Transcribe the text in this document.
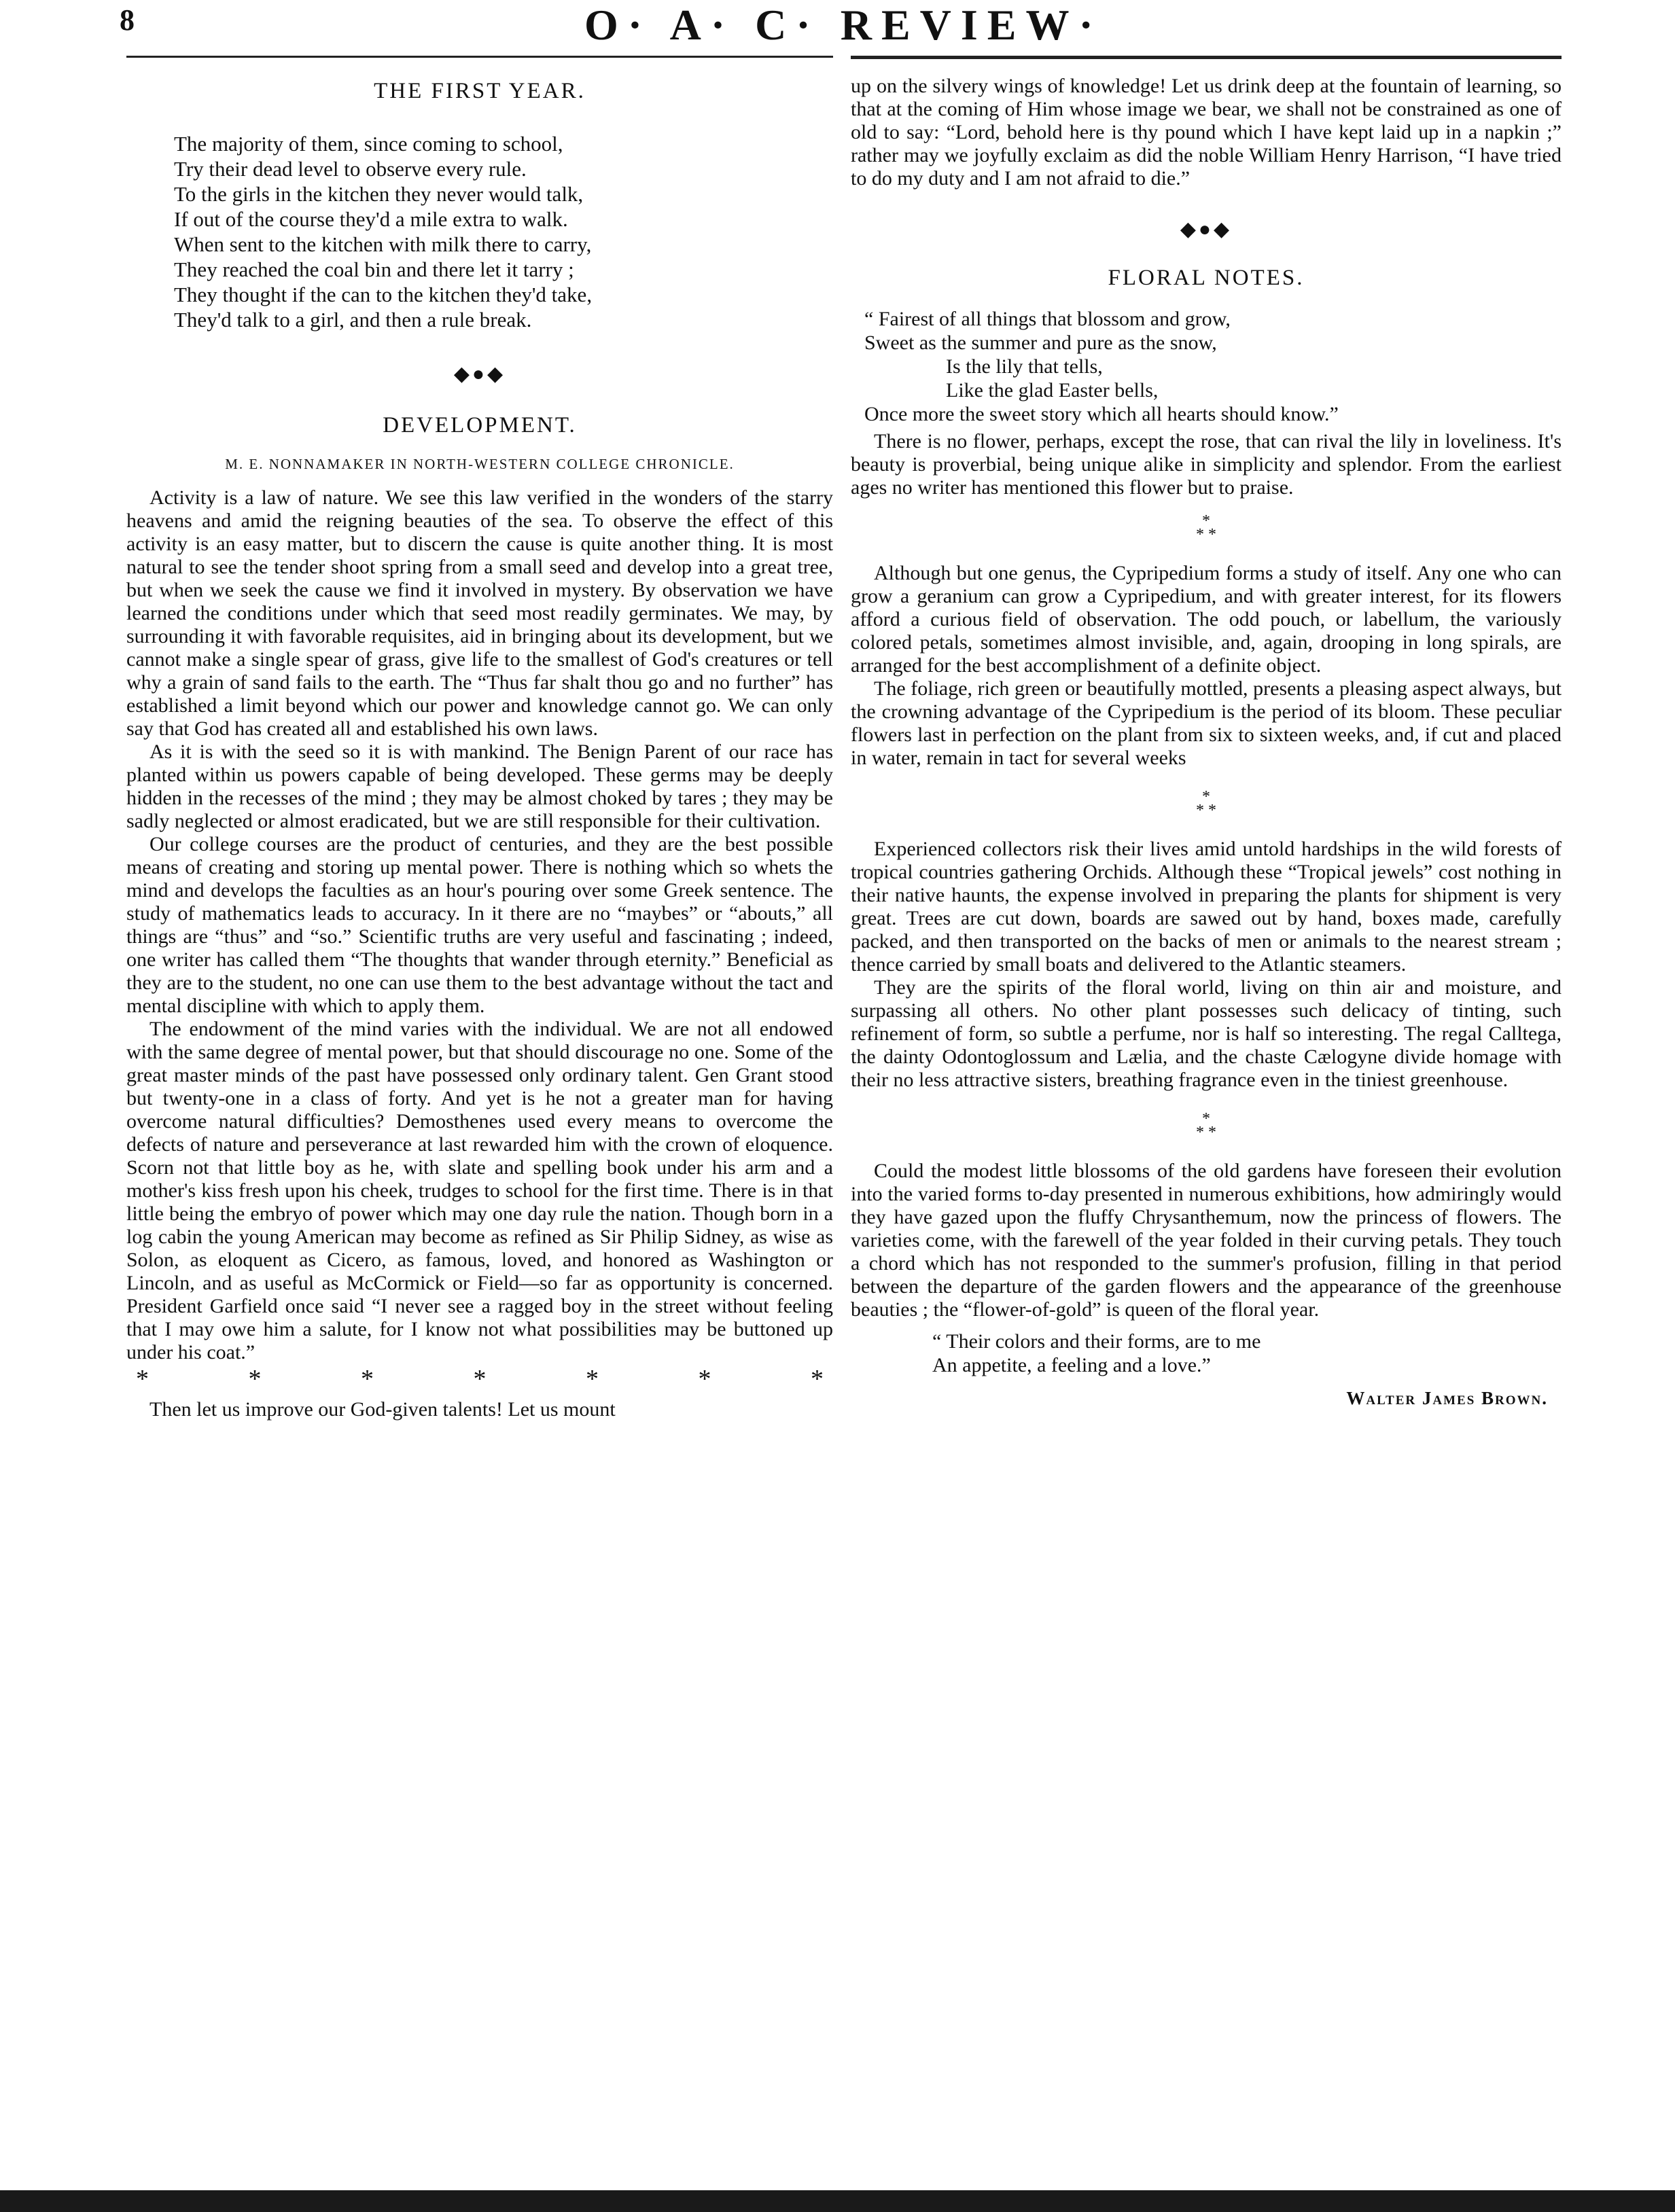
8	O· A· C· REVIEW·
THE FIRST YEAR.
The majority of them, since coming to school,
Try their dead level to observe every rule.
To the girls in the kitchen they never would talk,
If out of the course they'd a mile extra to walk.
When sent to the kitchen with milk there to carry,
They reached the coal bin and there let it tarry ;
They thought if the can to the kitchen they'd take,
They'd talk to a girl, and then a rule break.
◆●◆
DEVELOPMENT.

M. E. NONNAMAKER IN NORTH-WESTERN COLLEGE CHRONICLE.

Activity is a law of nature. We see this law verified in the wonders of the starry heavens and amid the reigning beauties of the sea. To observe the effect of this activity is an easy matter, but to discern the cause is quite another thing. It is most natural to see the tender shoot spring from a small seed and develop into a great tree, but when we seek the cause we find it involved in mystery. By observation we have learned the conditions under which that seed most readily germinates. We may, by surrounding it with favorable requisites, aid in bringing about its development, but we cannot make a single spear of grass, give life to the smallest of God's creatures or tell why a grain of sand fails to the earth. The “Thus far shalt thou go and no further” has established a limit beyond which our power and knowledge cannot go. We can only say that God has created all and established his own laws.

As it is with the seed so it is with mankind. The Benign Parent of our race has planted within us powers capable of being developed. These germs may be deeply hidden in the recesses of the mind ; they may be almost choked by tares ; they may be sadly neglected or almost eradicated, but we are still responsible for their cultivation.

Our college courses are the product of centuries, and they are the best possible means of creating and storing up mental power. There is nothing which so whets the mind and develops the faculties as an hour's pouring over some Greek sentence. The study of mathematics leads to accuracy. In it there are no “maybes” or “abouts,” all things are “thus” and “so.” Scientific truths are very useful and fascinating ; indeed, one writer has called them “The thoughts that wander through eternity.” Beneficial as they are to the student, no one can use them to the best advantage without the tact and mental discipline with which to apply them.

The endowment of the mind varies with the individual. We are not all endowed with the same degree of mental power, but that should discourage no one. Some of the great master minds of the past have possessed only ordinary talent. Gen Grant stood but twenty-one in a class of forty. And yet is he not a greater man for having overcome natural difficulties? Demosthenes used every means to overcome the defects of nature and perseverance at last rewarded him with the crown of eloquence. Scorn not that little boy as he, with slate and spelling book under his arm and a mother's kiss fresh upon his cheek, trudges to school for the first time. There is in that little being the embryo of power which may one day rule the nation. Though born in a log cabin the young American may become as refined as Sir Philip Sidney, as wise as Solon, as eloquent as Cicero, as famous, loved, and honored as Washington or Lincoln, and as useful as McCormick or Field—so far as opportunity is concerned. President Garfield once said “I never see a ragged boy in the street without feeling that I may owe him a salute, for I know not what possibilities may be buttoned up under his coat.”

*	*	*	*	*	*	*

Then let us improve our God-given talents! Let us mount

up on the silvery wings of knowledge! Let us drink deep at the fountain of learning, so that at the coming of Him whose image we bear, we shall not be constrained as one of old to say: “Lord, behold here is thy pound which I have kept laid up in a napkin ;” rather may we joyfully exclaim as did the noble William Henry Harrison, “I have tried to do my duty and I am not afraid to die.”

◆●◆
FLORAL NOTES.
“ Fairest of all things that blossom and grow,
Sweet as the summer and pure as the snow,
Is the lily that tells,
Like the glad Easter bells,
Once more the sweet story which all hearts should know.”

There is no flower, perhaps, except the rose, that can rival the lily in loveliness. It's beauty is proverbial, being unique alike in simplicity and splendor. From the earliest ages no writer has mentioned this flower but to praise.

*
* *

Although but one genus, the Cypripedium forms a study of itself. Any one who can grow a geranium can grow a Cypripedium, and with greater interest, for its flowers afford a curious field of observation. The odd pouch, or labellum, the variously colored petals, sometimes almost invisible, and, again, drooping in long spirals, are arranged for the best accomplishment of a definite object.

The foliage, rich green or beautifully mottled, presents a pleasing aspect always, but the crowning advantage of the Cypripedium is the period of its bloom. These peculiar flowers last in perfection on the plant from six to sixteen weeks, and, if cut and placed in water, remain in tact for several weeks

*
* *

Experienced collectors risk their lives amid untold hardships in the wild forests of tropical countries gathering Orchids. Although these “Tropical jewels” cost nothing in their native haunts, the expense involved in preparing the plants for shipment is very great. Trees are cut down, boards are sawed out by hand, boxes made, carefully packed, and then transported on the backs of men or animals to the nearest stream ; thence carried by small boats and delivered to the Atlantic steamers.

They are the spirits of the floral world, living on thin air and moisture, and surpassing all others. No other plant possesses such delicacy of tinting, such refinement of form, so subtle a perfume, nor is half so interesting. The regal Calltega, the dainty Odontoglossum and Lælia, and the chaste Cælogyne divide homage with their no less attractive sisters, breathing fragrance even in the tiniest greenhouse.

*
* *

Could the modest little blossoms of the old gardens have foreseen their evolution into the varied forms to-day presented in numerous exhibitions, how admiringly would they have gazed upon the fluffy Chrysanthemum, now the princess of flowers. The varieties come, with the farewell of the year folded in their curving petals. They touch a chord which has not responded to the summer's profusion, filling in that period between the departure of the garden flowers and the appearance of the greenhouse beauties ; the “flower-of-gold” is queen of the floral year.

“ Their colors and their forms, are to me
An appetite, a feeling and a love.”

Walter James Brown.
